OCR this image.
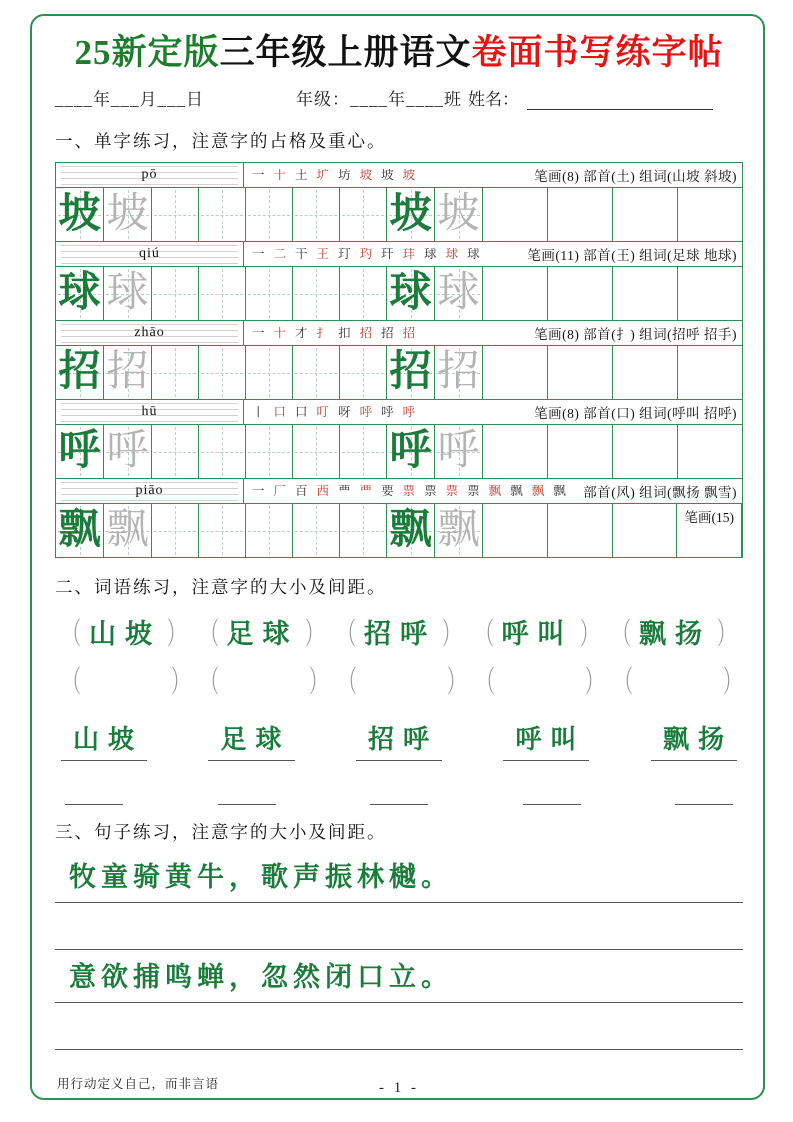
25新定版三年级上册语文卷面书写练字帖
____年___月___日	年级：____年____班 姓名：
一、单字练习，注意字的占格及重心。
pō	一 十 土 圹 坊 坡 坡 坡	笔画(8) 部首(土) 组词(山坡 斜坡)
坡 坡	坡 坡
qiú	一 二 干 王 玎 玓 玕 玤 球 球 球	笔画(11) 部首(王) 组词(足球 地球)
球 球	球 球
zhāo	一 十 才 扌 扣 招 招 招	笔画(8) 部首(扌) 组词(招呼 招手)
招 招	招 招
hū	丨 口 口 叮 呀 呼 呼 呼	笔画(8) 部首(口) 组词(呼叫 招呼)
呼 呼	呼 呼
piāo	一 厂 百 西 覀 覀 要 票 票 票 票 飘 飘 飘 飘 部首(风) 组词(飘扬 飘雪)
飘 飘	飘 飘	笔画(15)
二、词语练习，注意字的大小及间距。
（ 山坡 ） （ 足球 ） （ 招呼 ） （ 呼叫 ） （ 飘扬 ）
（	） （	） （	） （	） （	）
山坡	足球	招呼	呼叫	飘扬
三、句子练习，注意字的大小及间距。
牧童骑黄牛，歌声振林樾。
意欲捕鸣蝉，忽然闭口立。
用行动定义自己，而非言语	- 1 -
